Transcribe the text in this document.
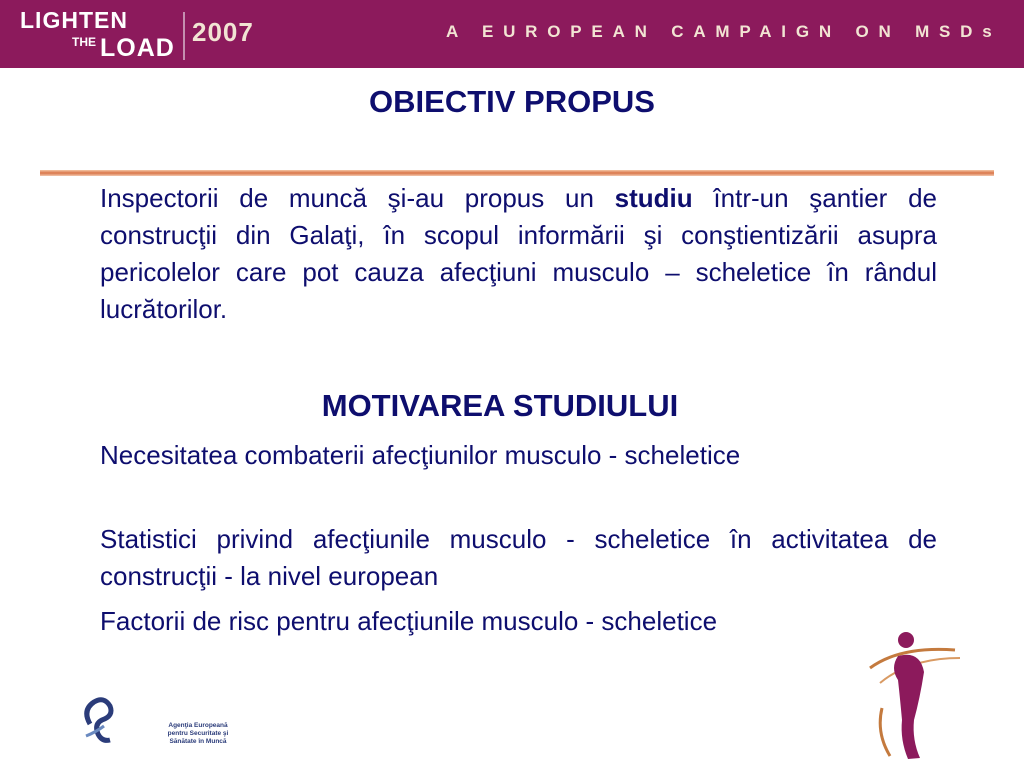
LIGHTEN
THE LOAD
2007	A EUROPEAN CAMPAIGN ON MSDs
OBIECTIV PROPUS

Inspectorii de muncă şi-au propus un studiu într-un şantier de construcţii din Galaţi, în scopul informării şi conştientizării asupra pericolelor care pot cauza afecţiuni musculo – scheletice în rândul lucrătorilor.

MOTIVAREA STUDIULUI

Necesitatea combaterii afecţiunilor musculo - scheletice

Statistici privind afecţiunile musculo - scheletice în activitatea de construcţii - la nivel european

Factorii de risc pentru afecţiunile musculo - scheletice

Agenţia Europeană
pentru Securitate şi
Sănătate în Muncă
